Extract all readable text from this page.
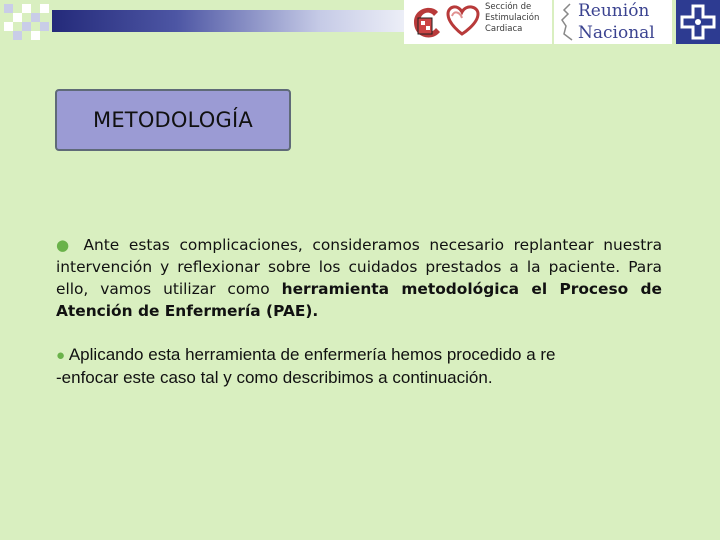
Sección de
Estimulación
Cardiaca
Reunión
Nacional
METODOLOGÍA
● Ante estas complicaciones, consideramos necesario replantear nuestra intervención y reflexionar sobre los cuidados prestados a la paciente. Para ello, vamos utilizar como herramienta metodológica el Proceso de Atención de Enfermería (PAE).
● Aplicando esta herramienta de enfermería hemos procedido a re
-enfocar este caso tal y como describimos a continuación.
